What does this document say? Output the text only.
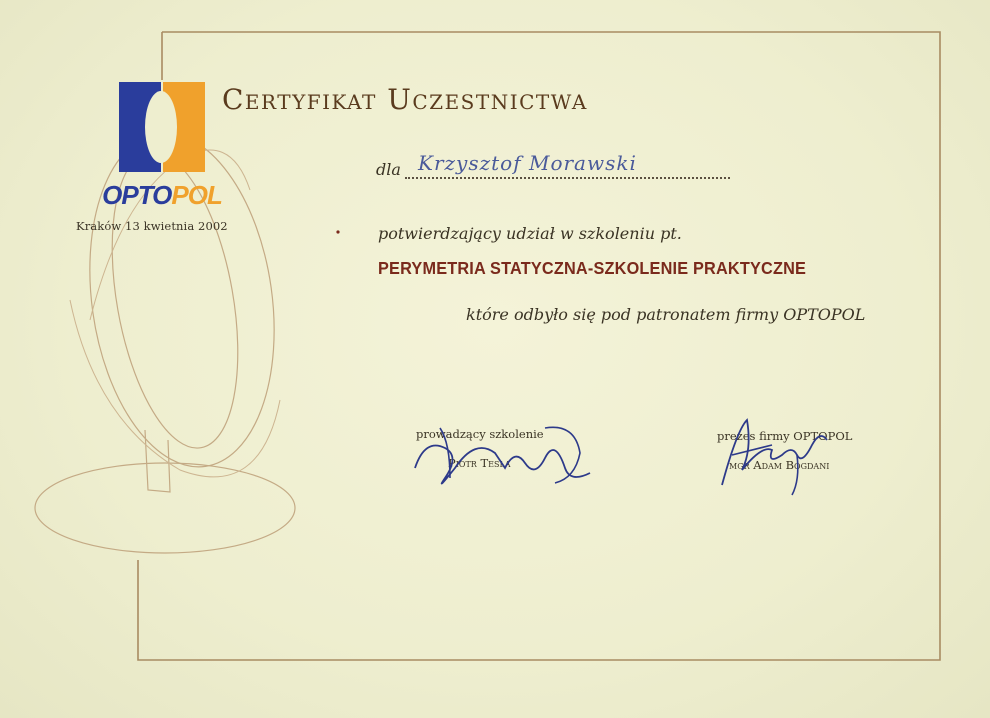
OPTOPOL
Kraków 13 kwietnia 2002
Certyfikat Uczestnictwa
dla Krzysztof Morawski
potwierdzający udział w szkoleniu pt.
PERYMETRIA STATYCZNA-SZKOLENIE PRAKTYCZNE
które odbyło się pod patronatem firmy OPTOPOL
prowadzący szkolenie
Piotr Tesla
prezes firmy OPTOPOL
mgr Adam Bogdani
